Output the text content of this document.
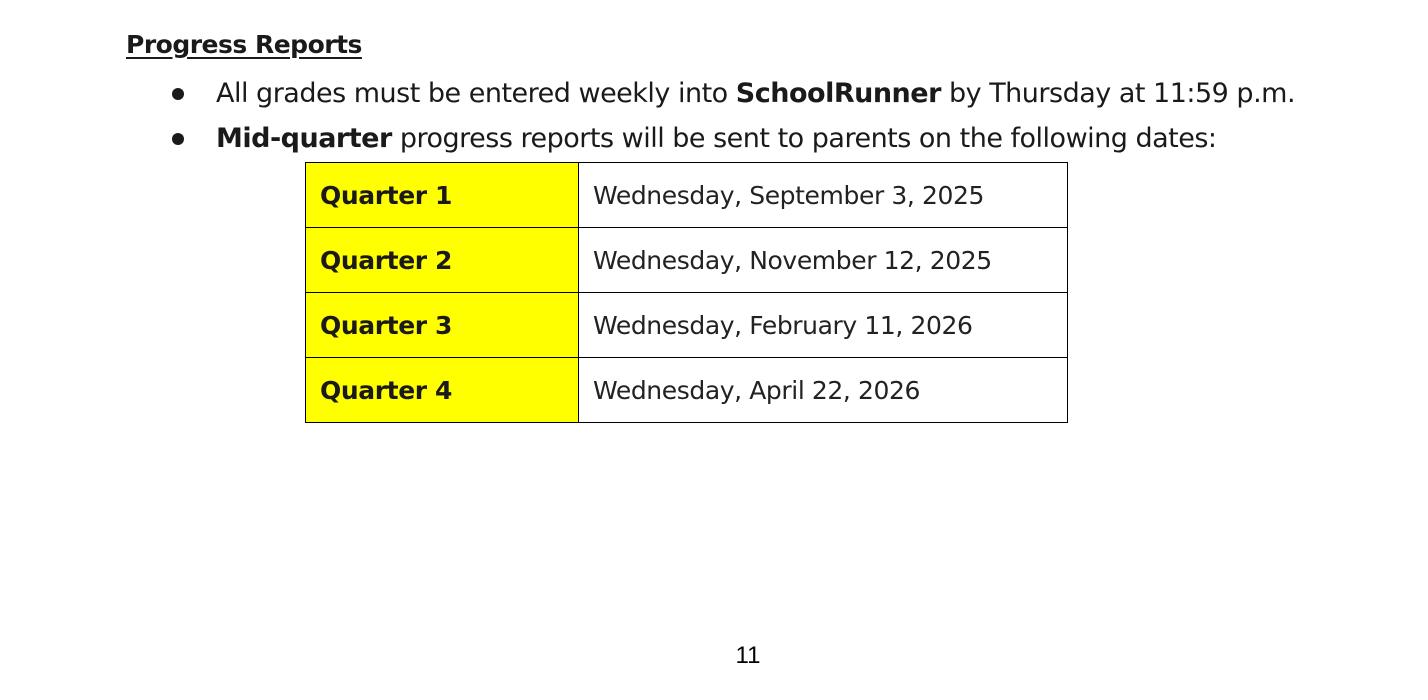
Progress Reports
All grades must be entered weekly into SchoolRunner by Thursday at 11:59 p.m.
Mid-quarter progress reports will be sent to parents on the following dates:
Quarter 1	Wednesday, September 3, 2025
Quarter 2	Wednesday, November 12, 2025
Quarter 3	Wednesday, February 11, 2026
Quarter 4	Wednesday, April 22, 2026
11
